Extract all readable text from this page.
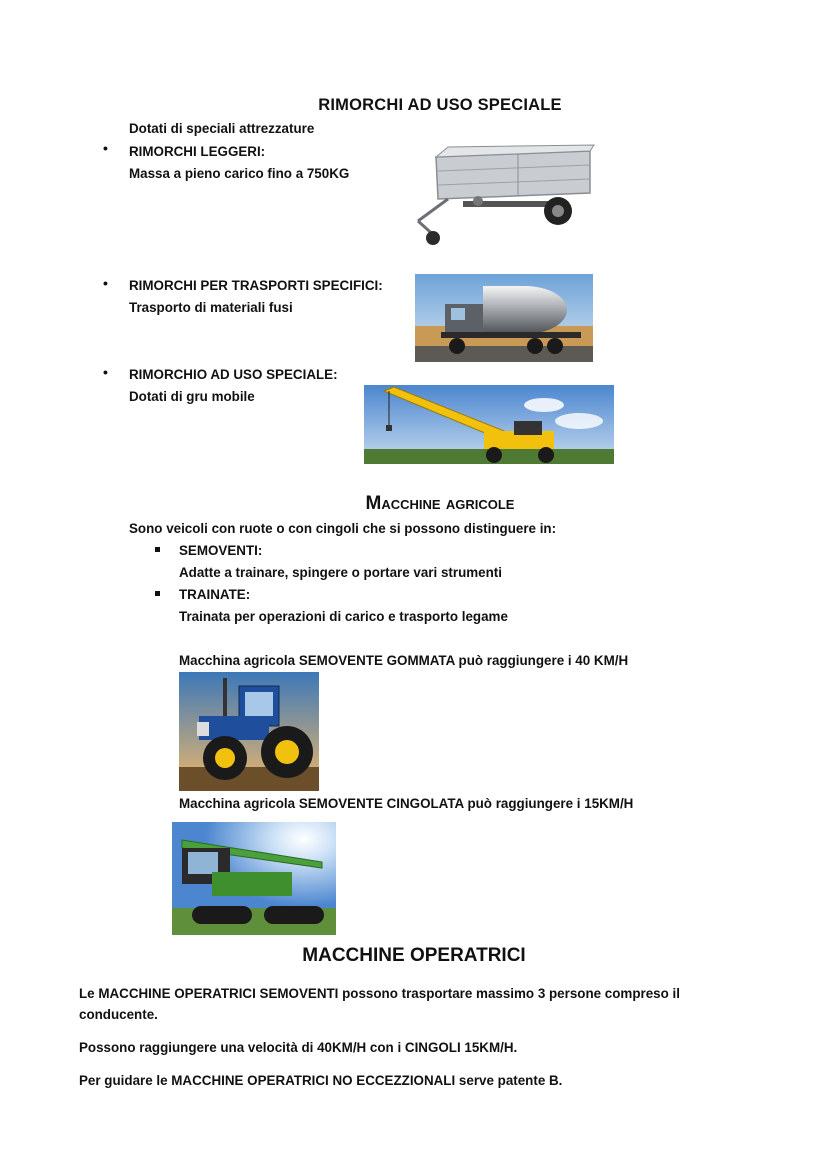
RIMORCHI AD USO SPECIALE
Dotati di speciali attrezzature
• RIMORCHI LEGGERI:
Massa a pieno carico fino a 750KG
• RIMORCHI PER TRASPORTI SPECIFICI:
Trasporto di materiali fusi
• RIMORCHIO AD USO SPECIALE:
Dotati di gru mobile
Macchine agricole
Sono veicoli con ruote o con cingoli che si possono distinguere in:
SEMOVENTI:
Adatte a trainare, spingere o portare vari strumenti
TRAINATE:
Trainata per operazioni di carico e trasporto legame
Macchina agricola SEMOVENTE GOMMATA può raggiungere i 40 KM/H
Macchina agricola SEMOVENTE CINGOLATA può raggiungere i 15KM/H
MACCHINE OPERATRICI
Le MACCHINE OPERATRICI SEMOVENTI possono trasportare massimo 3 persone compreso il conducente.
Possono raggiungere una velocità di 40KM/H con i CINGOLI 15KM/H.
Per guidare le MACCHINE OPERATRICI NO ECCEZZIONALI serve patente B.
